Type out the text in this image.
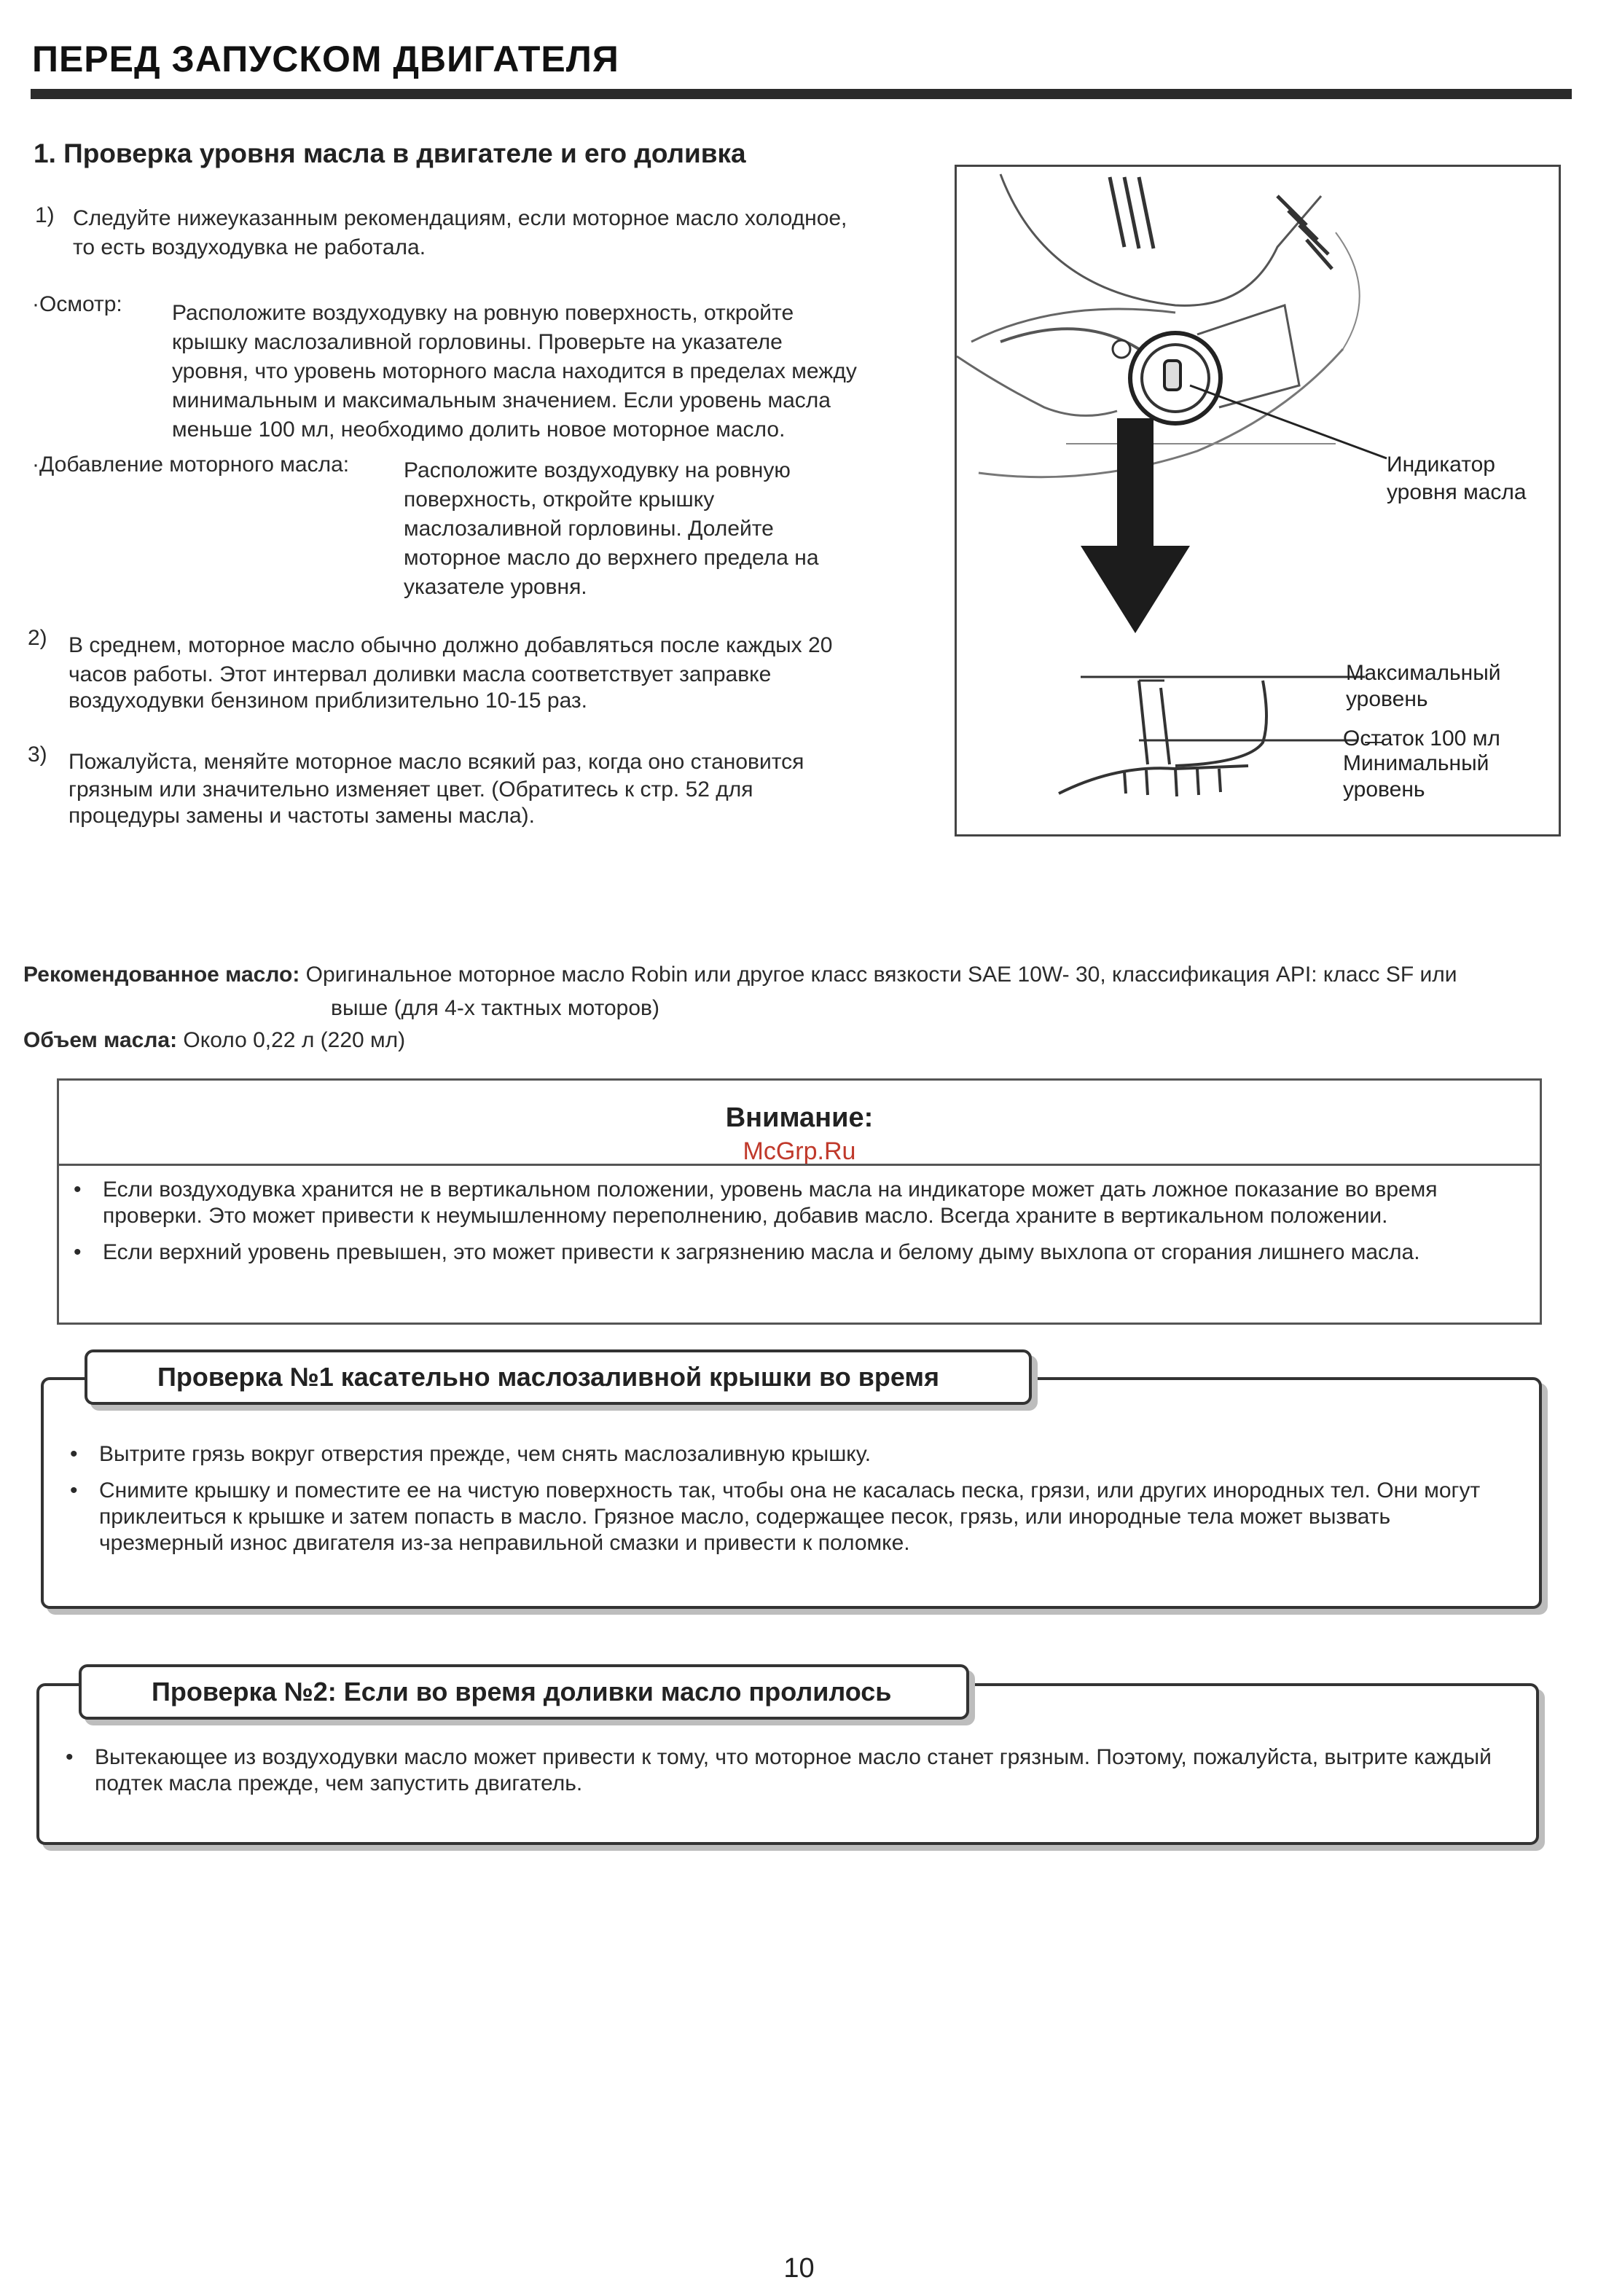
ПЕРЕД ЗАПУСКОМ ДВИГАТЕЛЯ
1. Проверка уровня масла в двигателе и его доливка
1) Следуйте нижеуказанным рекомендациям, если моторное масло холодное,
то есть воздуходувка не работала.
·Осмотр: Расположите воздуходувку на ровную поверхность, откройте
крышку маслозаливной горловины. Проверьте на указателе
уровня, что уровень моторного масла находится в пределах между
минимальным и максимальным значением. Если уровень масла
меньше 100 мл, необходимо долить новое моторное масло.
·Добавление моторного масла: Расположите воздуходувку на ровную
поверхность, откройте крышку
маслозаливной горловины. Долейте
моторное масло до верхнего предела на
указателе уровня.
2) В среднем, моторное масло обычно должно добавляться после каждых 20
часов работы. Этот интервал доливки масла соответствует заправке
воздуходувки бензином приблизительно 10-15 раз.
3) Пожалуйста, меняйте моторное масло всякий раз, когда оно становится
грязным или значительно изменяет цвет. (Обратитесь к стр. 52 для
процедуры замены и частоты замены масла).
Индикатор
уровня масла
Максимальный
уровень
Остаток 100 мл
Минимальный
уровень
Рекомендованное масло: Оригинальное моторное масло Robin или другое класс вязкости SAE 10W- 30, классификация API: класс SF или
выше (для 4-х тактных моторов)
Объем масла: Около 0,22 л (220 мл)
Внимание:
McGrp.Ru
• Если воздуходувка хранится не в вертикальном положении, уровень масла на индикаторе может дать ложное показание во время проверки. Это может привести к неумышленному переполнению, добавив масло. Всегда храните в вертикальном положении.
• Если верхний уровень превышен, это может привести к загрязнению масла и белому дыму выхлопа от сгорания лишнего масла.
• Вытрите грязь вокруг отверстия прежде, чем снять маслозаливную крышку.
• Снимите крышку и поместите ее на чистую поверхность так, чтобы она не касалась песка, грязи, или других инородных тел. Они могут приклеиться к крышке и затем попасть в масло. Грязное масло, содержащее песок, грязь, или инородные тела может вызвать чрезмерный износ двигателя из-за неправильной смазки и привести к поломке.
Проверка №1 касательно маслозаливной крышки во время
• Вытекающее из воздуходувки масло может привести к тому, что моторное масло станет грязным. Поэтому, пожалуйста, вытрите каждый подтек масла прежде, чем запустить двигатель.
Проверка №2: Если во время доливки масло пролилось
10
